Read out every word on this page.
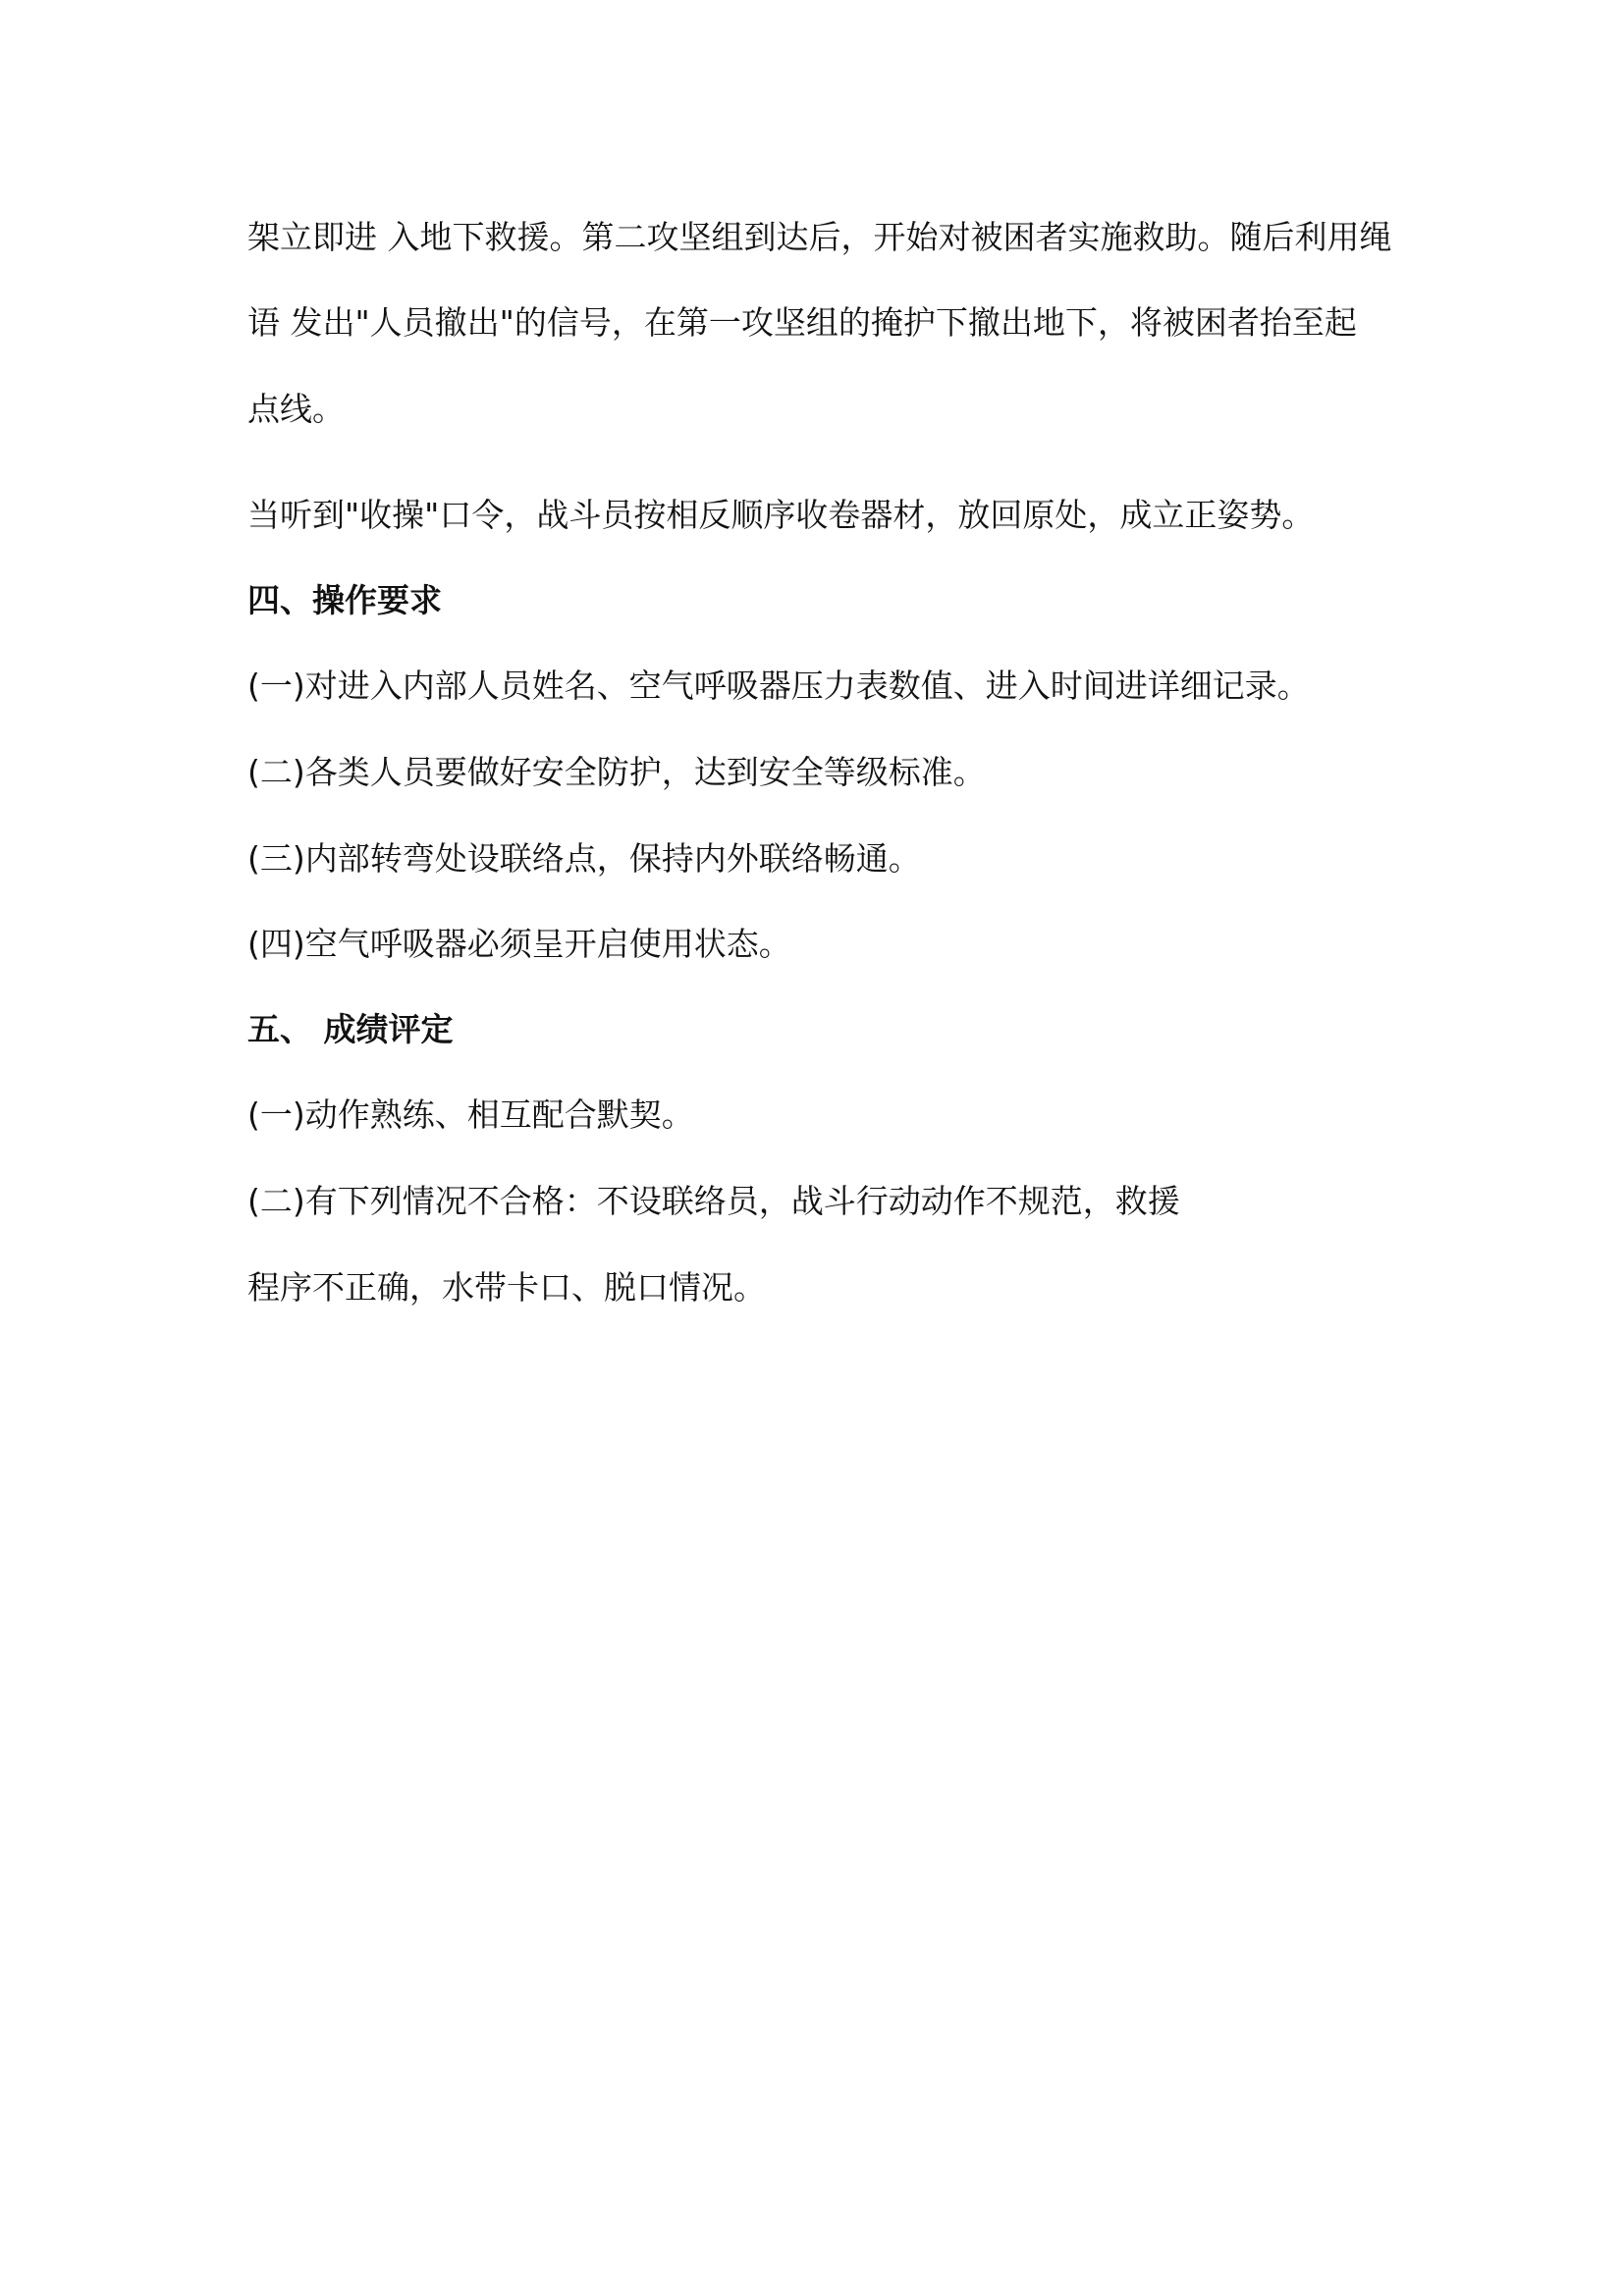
架立即进 入地下救援。第二攻坚组到达后，开始对被困者实施救助。随后利用绳

语 发出"人员撤出"的信号，在第一攻坚组的掩护下撤出地下，将被困者抬至起

点线。

当听到"收操"口令，战斗员按相反顺序收卷器材，放回原处，成立正姿势。

四、操作要求

(一)对进入内部人员姓名、空气呼吸器压力表数值、进入时间进详细记录。

(二)各类人员要做好安全防护，达到安全等级标准。

(三)内部转弯处设联络点，保持内外联络畅通。

(四)空气呼吸器必须呈开启使用状态。

五、 成绩评定

(一)动作熟练、相互配合默契。

(二)有下列情况不合格：不设联络员，战斗行动动作不规范，救援

程序不正确，水带卡口、脱口情况。
